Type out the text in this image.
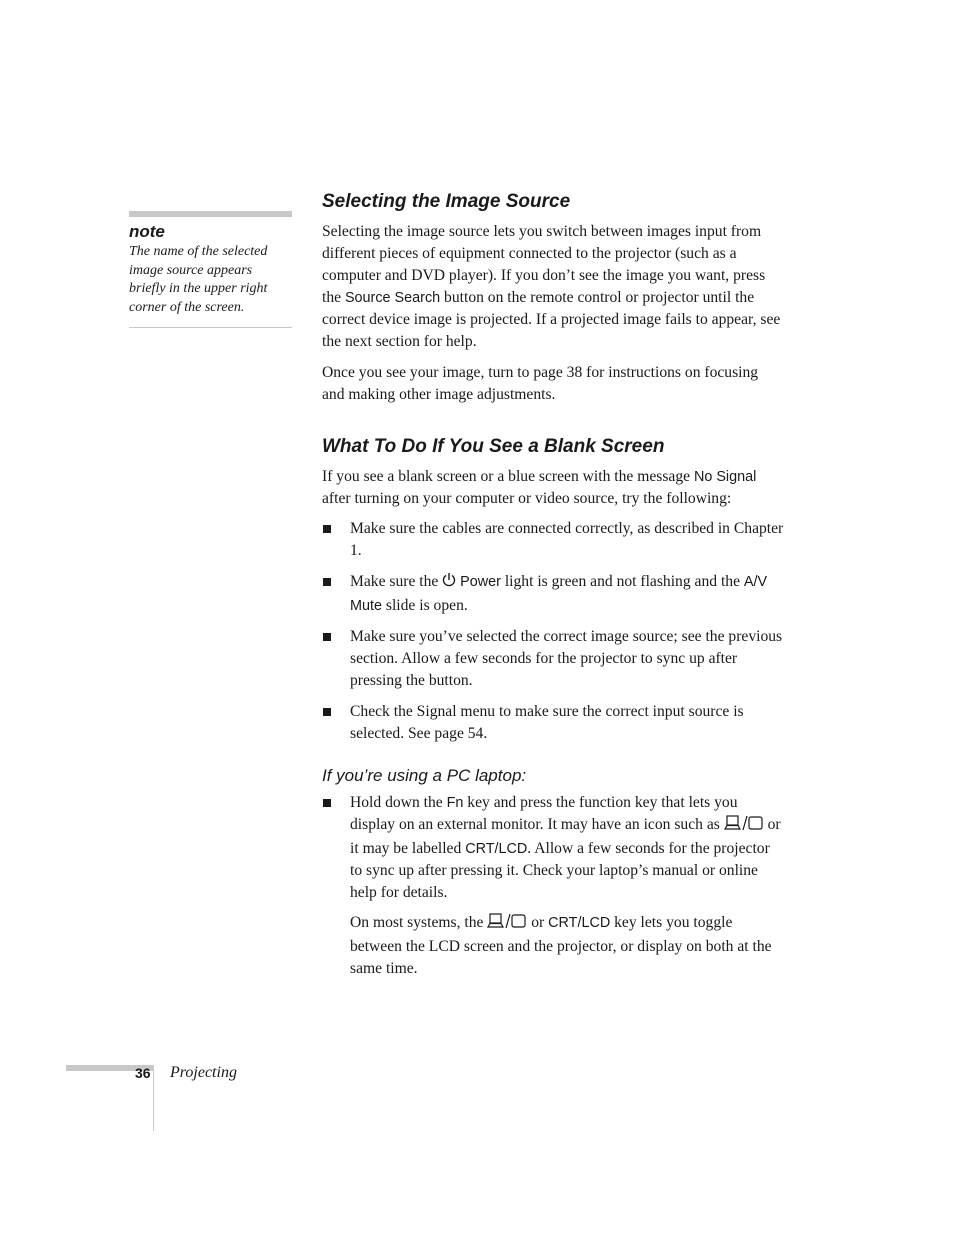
note
The name of the selected image source appears briefly in the upper right corner of the screen.
Selecting the Image Source

Selecting the image source lets you switch between images input from different pieces of equipment connected to the projector (such as a computer and DVD player). If you don’t see the image you want, press the Source Search button on the remote control or projector until the correct device image is projected. If a projected image fails to appear, see the next section for help.

Once you see your image, turn to page 38 for instructions on focusing and making other image adjustments.

What To Do If You See a Blank Screen

If you see a blank screen or a blue screen with the message No Signal after turning on your computer or video source, try the following:

Make sure the cables are connected correctly, as described in Chapter 1.
Make sure the  Power light is green and not flashing and the A/V Mute slide is open.
Make sure you’ve selected the correct image source; see the previous section. Allow a few seconds for the projector to sync up after pressing the button.
Check the Signal menu to make sure the correct input source is selected. See page 54.
If you’re using a PC laptop:
Hold down the Fn key and press the function key that lets you display on an external monitor. It may have an icon such as	or it may be labelled CRT/LCD. Allow a few seconds for the projector to sync up after pressing it. Check your laptop’s manual or online help for details.

On most systems, the	or CRT/LCD key lets you toggle between the LCD screen and the projector, or display on both at the same time.

36 Projecting
